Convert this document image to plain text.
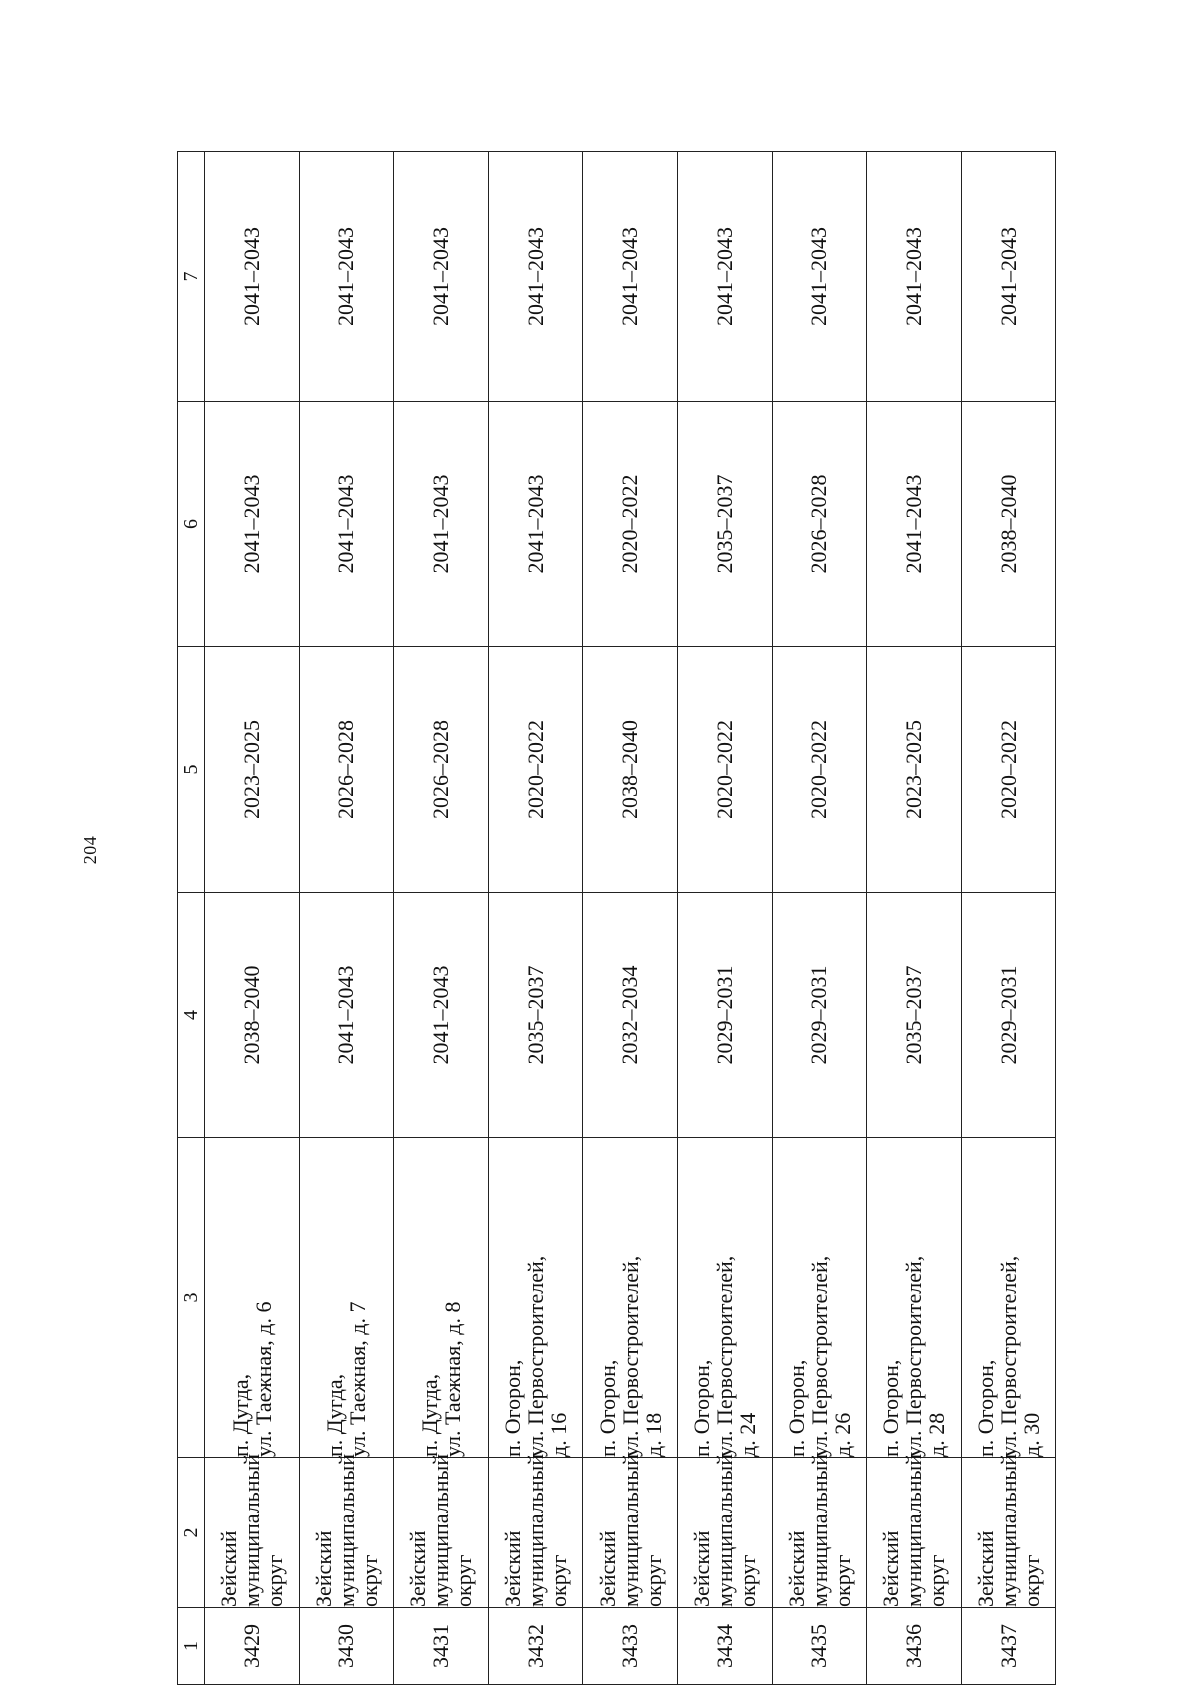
204
1	2	3	4	5	6	7
3429	Зейский
муниципальный
округ	п. Дугда,
ул. Таежная, д. 6	2038–2040	2023–2025	2041–2043	2041–2043
3430	Зейский
муниципальный
округ	п. Дугда,
ул. Таежная, д. 7	2041–2043	2026–2028	2041–2043	2041–2043
3431	Зейский
муниципальный
округ	п. Дугда,
ул. Таежная, д. 8	2041–2043	2026–2028	2041–2043	2041–2043
3432	Зейский
муниципальный
округ	п. Огорон,
ул. Первостроителей,
д. 16	2035–2037	2020–2022	2041–2043	2041–2043
3433	Зейский
муниципальный
округ	п. Огорон,
ул. Первостроителей,
д. 18	2032–2034	2038–2040	2020–2022	2041–2043
3434	Зейский
муниципальный
округ	п. Огорон,
ул. Первостроителей,
д. 24	2029–2031	2020–2022	2035–2037	2041–2043
3435	Зейский
муниципальный
округ	п. Огорон,
ул. Первостроителей,
д. 26	2029–2031	2020–2022	2026–2028	2041–2043
3436	Зейский
муниципальный
округ	п. Огорон,
ул. Первостроителей,
д. 28	2035–2037	2023–2025	2041–2043	2041–2043
3437	Зейский
муниципальный
округ	п. Огорон,
ул. Первостроителей,
д. 30	2029–2031	2020–2022	2038–2040	2041–2043
